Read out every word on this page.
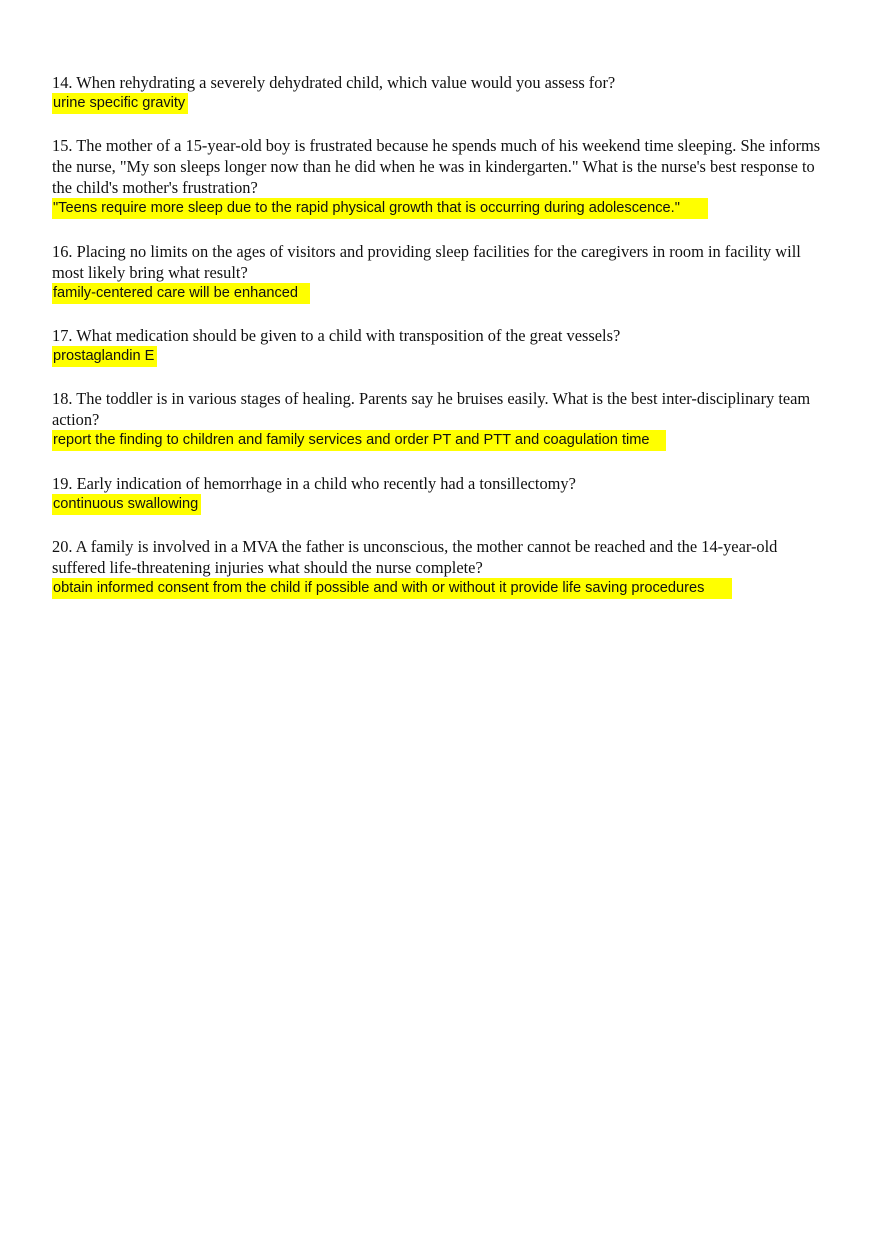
14. When rehydrating a severely dehydrated child, which value would you assess for?

urine specific gravity

15. The mother of a 15-year-old boy is frustrated because he spends much of his weekend time sleeping. She informs the nurse, "My son sleeps longer now than he did when he was in kindergarten." What is the nurse's best response to the child's mother's frustration?

"Teens require more sleep due to the rapid physical growth that is occurring during adolescence."

16. Placing no limits on the ages of visitors and providing sleep facilities for the caregivers in room in facility will most likely bring what result?

family-centered care will be enhanced

17. What medication should be given to a child with transposition of the great vessels?

prostaglandin E

18. The toddler is in various stages of healing. Parents say he bruises easily. What is the best inter-disciplinary team action?

report the finding to children and family services and order PT and PTT and coagulation time

19. Early indication of hemorrhage in a child who recently had a tonsillectomy?

continuous swallowing

20. A family is involved in a MVA the father is unconscious, the mother cannot be reached and the 14-year-old suffered life-threatening injuries what should the nurse complete?

obtain informed consent from the child if possible and with or without it provide life saving procedures
